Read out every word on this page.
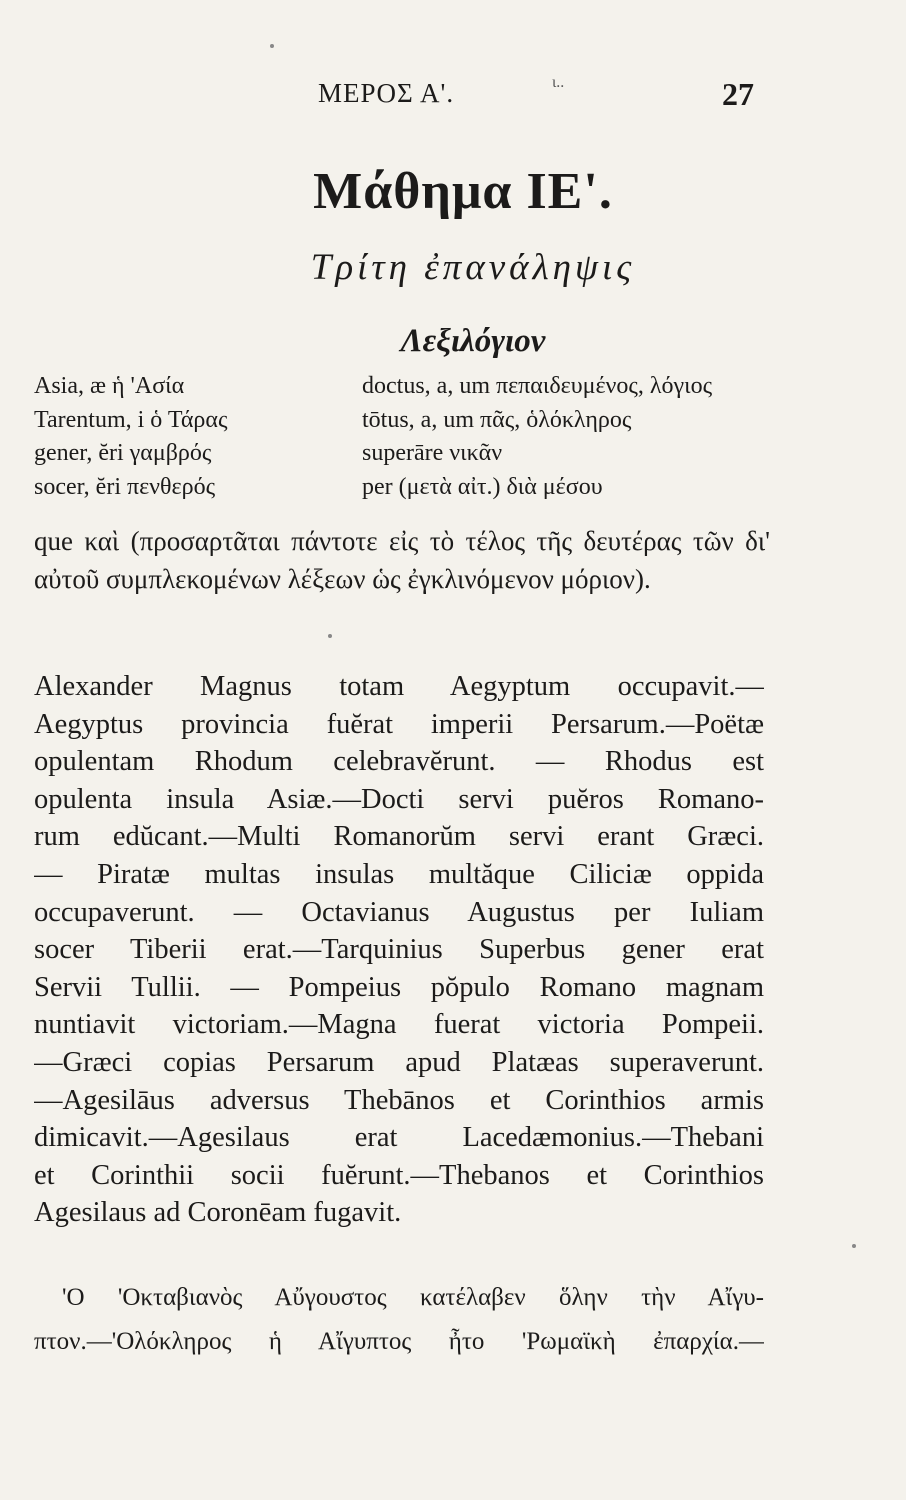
ΜΕΡΟΣ Α'.	ι..	27
Μάθημα ΙΕ'.
Τρίτη ἐπανάληψις
Λεξιλόγιον
Asia, æ ἡ 'Ασία	doctus, a, um πεπαιδευμένος, λόγιος
Tarentum, i ὁ Τάρας	tōtus, a, um πᾶς, ὁλόκληρος
gener, ĕri γαμβρός	superāre νικᾶν
socer, ĕri πενθερός	per (μετὰ αἰτ.) διὰ μέσου
que καὶ (προσαρτᾶται πάντοτε εἰς τὸ τέλος τῆς δευτέρας τῶν δι' αὐτοῦ συμπλεκομένων λέξεων ὡς ἐγκλινόμενον μόριον).
Alexander Magnus totam Aegyptum occupavit.—
Aegyptus provincia fuĕrat imperii Persarum.—Poëtæ
opulentam Rhodum celebravĕrunt. — Rhodus est
opulenta insula Asiæ.—Docti servi puĕros Romano-
rum edŭcant.—Multi Romanorŭm servi erant Græci.
— Piratæ multas insulas multăque Ciliciæ oppida
occupaverunt. — Octavianus Augustus per Iuliam
socer Tiberii erat.—Tarquinius Superbus gener erat
Servii Tullii. — Pompeius pŏpulo Romano magnam
nuntiavit victoriam.—Magna fuerat victoria Pompeii.
—Græci copias Persarum apud Platæas superaverunt.
—Agesilāus adversus Thebānos et Corinthios armis
dimicavit.—Agesilaus erat Lacedæmonius.—Thebani
et Corinthii socii fuĕrunt.—Thebanos et Corinthios
Agesilaus ad Coronēam fugavit.
'Ο 'Οκταβιανὸς Αὔγουστος κατέλαβεν ὅλην τὴν Αἴγυ-
πτον.—'Ολόκληρος ἡ Αἴγυπτος ἦτο 'Ρωμαϊκὴ ἐπαρχία.—
